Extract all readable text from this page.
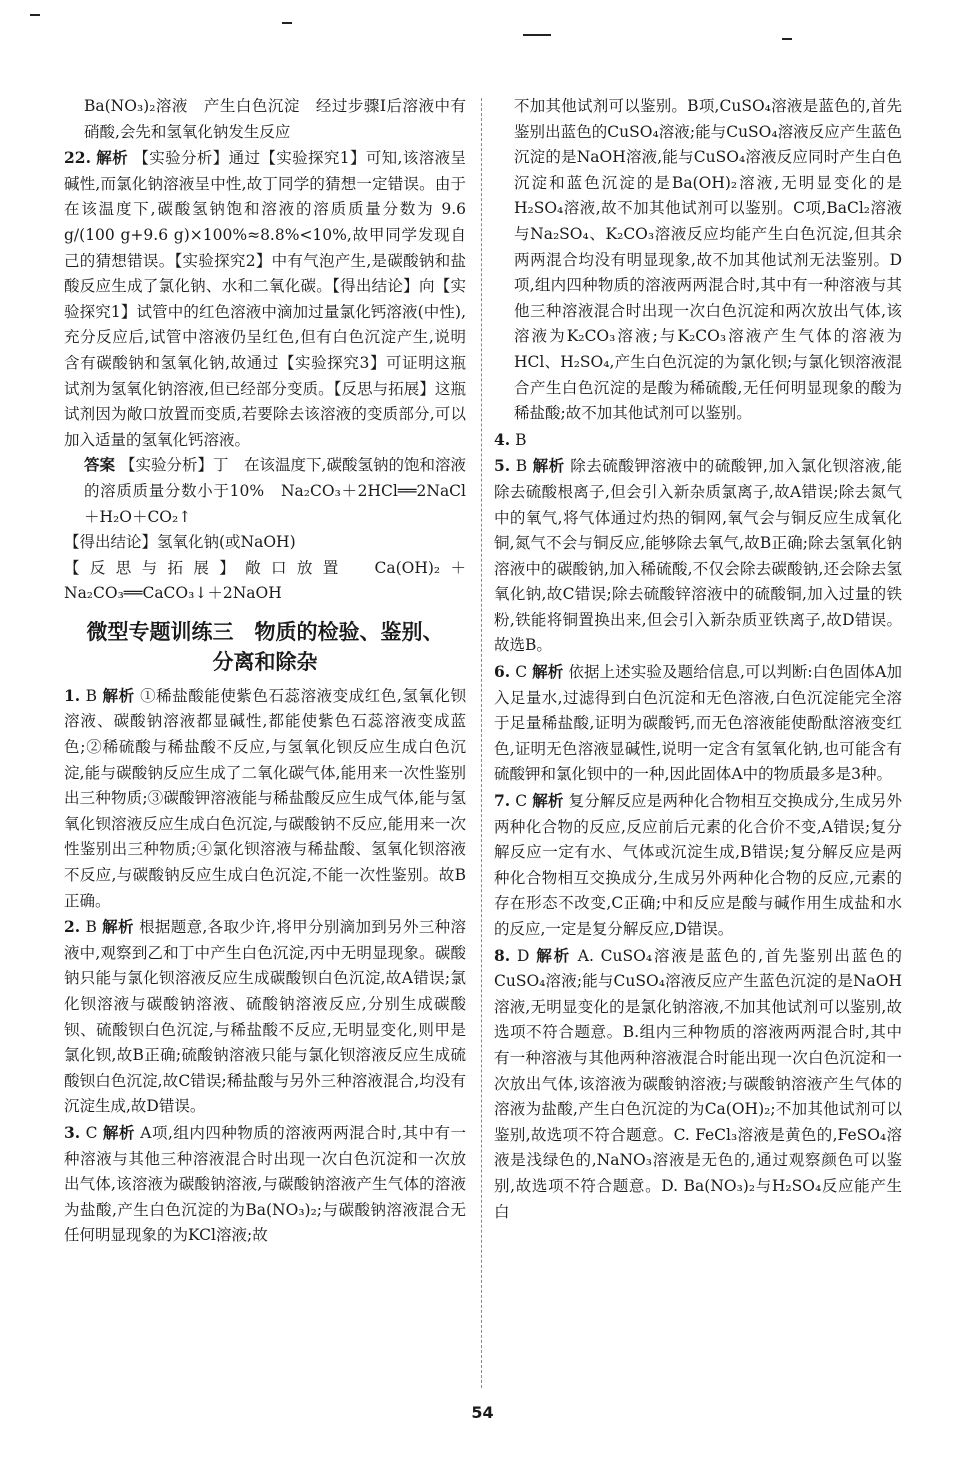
Ba(NO₃)₂溶液　产生白色沉淀　经过步骤Ⅰ后溶液中有硝酸,会先和氢氧化钠发生反应

22. 解析 【实验分析】通过【实验探究1】可知,该溶液呈碱性,而氯化钠溶液呈中性,故丁同学的猜想一定错误。由于在该温度下,碳酸氢钠饱和溶液的溶质质量分数为 9.6 g/(100 g+9.6 g)×100%≈8.8%<10%,故甲同学发现自己的猜想错误。【实验探究2】中有气泡产生,是碳酸钠和盐酸反应生成了氯化钠、水和二氧化碳。【得出结论】向【实验探究1】试管中的红色溶液中滴加过量氯化钙溶液(中性),充分反应后,试管中溶液仍呈红色,但有白色沉淀产生,说明含有碳酸钠和氢氧化钠,故通过【实验探究3】可证明这瓶试剂为氢氧化钠溶液,但已经部分变质。【反思与拓展】这瓶试剂因为敞口放置而变质,若要除去该溶液的变质部分,可以加入适量的氢氧化钙溶液。

答案 【实验分析】丁　在该温度下,碳酸氢钠的饱和溶液的溶质质量分数小于10%　Na₂CO₃＋2HCl══2NaCl＋H₂O＋CO₂↑

【得出结论】氢氧化钠(或NaOH)

【反思与拓展】敞口放置　Ca(OH)₂＋Na₂CO₃══CaCO₃↓＋2NaOH

微型专题训练三　物质的检验、鉴别、
分离和除杂

1. B 解析 ①稀盐酸能使紫色石蕊溶液变成红色,氢氧化钡溶液、碳酸钠溶液都显碱性,都能使紫色石蕊溶液变成蓝色;②稀硫酸与稀盐酸不反应,与氢氧化钡反应生成白色沉淀,能与碳酸钠反应生成了二氧化碳气体,能用来一次性鉴别出三种物质;③碳酸钾溶液能与稀盐酸反应生成气体,能与氢氧化钡溶液反应生成白色沉淀,与碳酸钠不反应,能用来一次性鉴别出三种物质;④氯化钡溶液与稀盐酸、氢氧化钡溶液不反应,与碳酸钠反应生成白色沉淀,不能一次性鉴别。故B正确。

2. B 解析 根据题意,各取少许,将甲分别滴加到另外三种溶液中,观察到乙和丁中产生白色沉淀,丙中无明显现象。碳酸钠只能与氯化钡溶液反应生成碳酸钡白色沉淀,故A错误;氯化钡溶液与碳酸钠溶液、硫酸钠溶液反应,分别生成碳酸钡、硫酸钡白色沉淀,与稀盐酸不反应,无明显变化,则甲是氯化钡,故B正确;硫酸钠溶液只能与氯化钡溶液反应生成硫酸钡白色沉淀,故C错误;稀盐酸与另外三种溶液混合,均没有沉淀生成,故D错误。

3. C 解析 A项,组内四种物质的溶液两两混合时,其中有一种溶液与其他三种溶液混合时出现一次白色沉淀和一次放出气体,该溶液为碳酸钠溶液,与碳酸钠溶液产生气体的溶液为盐酸,产生白色沉淀的为Ba(NO₃)₂;与碳酸钠溶液混合无任何明显现象的为KCl溶液;故

不加其他试剂可以鉴别。B项,CuSO₄溶液是蓝色的,首先鉴别出蓝色的CuSO₄溶液;能与CuSO₄溶液反应产生蓝色沉淀的是NaOH溶液,能与CuSO₄溶液反应同时产生白色沉淀和蓝色沉淀的是Ba(OH)₂溶液,无明显变化的是H₂SO₄溶液,故不加其他试剂可以鉴别。C项,BaCl₂溶液与Na₂SO₄、K₂CO₃溶液反应均能产生白色沉淀,但其余两两混合均没有明显现象,故不加其他试剂无法鉴别。D项,组内四种物质的溶液两两混合时,其中有一种溶液与其他三种溶液混合时出现一次白色沉淀和两次放出气体,该溶液为K₂CO₃溶液;与K₂CO₃溶液产生气体的溶液为HCl、H₂SO₄,产生白色沉淀的为氯化钡;与氯化钡溶液混合产生白色沉淀的是酸为稀硫酸,无任何明显现象的酸为稀盐酸;故不加其他试剂可以鉴别。

4. B

5. B 解析 除去硫酸钾溶液中的硫酸钾,加入氯化钡溶液,能除去硫酸根离子,但会引入新杂质氯离子,故A错误;除去氮气中的氧气,将气体通过灼热的铜网,氧气会与铜反应生成氧化铜,氮气不会与铜反应,能够除去氧气,故B正确;除去氢氧化钠溶液中的碳酸钠,加入稀硫酸,不仅会除去碳酸钠,还会除去氢氧化钠,故C错误;除去硫酸锌溶液中的硫酸铜,加入过量的铁粉,铁能将铜置换出来,但会引入新杂质亚铁离子,故D错误。故选B。

6. C 解析 依据上述实验及题给信息,可以判断:白色固体A加入足量水,过滤得到白色沉淀和无色溶液,白色沉淀能完全溶于足量稀盐酸,证明为碳酸钙,而无色溶液能使酚酞溶液变红色,证明无色溶液显碱性,说明一定含有氢氧化钠,也可能含有硫酸钾和氯化钡中的一种,因此固体A中的物质最多是3种。

7. C 解析 复分解反应是两种化合物相互交换成分,生成另外两种化合物的反应,反应前后元素的化合价不变,A错误;复分解反应一定有水、气体或沉淀生成,B错误;复分解反应是两种化合物相互交换成分,生成另外两种化合物的反应,元素的存在形态不改变,C正确;中和反应是酸与碱作用生成盐和水的反应,一定是复分解反应,D错误。

8. D 解析 A. CuSO₄溶液是蓝色的,首先鉴别出蓝色的CuSO₄溶液;能与CuSO₄溶液反应产生蓝色沉淀的是NaOH溶液,无明显变化的是氯化钠溶液,不加其他试剂可以鉴别,故选项不符合题意。B.组内三种物质的溶液两两混合时,其中有一种溶液与其他两种溶液混合时能出现一次白色沉淀和一次放出气体,该溶液为碳酸钠溶液;与碳酸钠溶液产生气体的溶液为盐酸,产生白色沉淀的为Ca(OH)₂;不加其他试剂可以鉴别,故选项不符合题意。C. FeCl₃溶液是黄色的,FeSO₄溶液是浅绿色的,NaNO₃溶液是无色的,通过观察颜色可以鉴别,故选项不符合题意。D. Ba(NO₃)₂与H₂SO₄反应能产生白

54
